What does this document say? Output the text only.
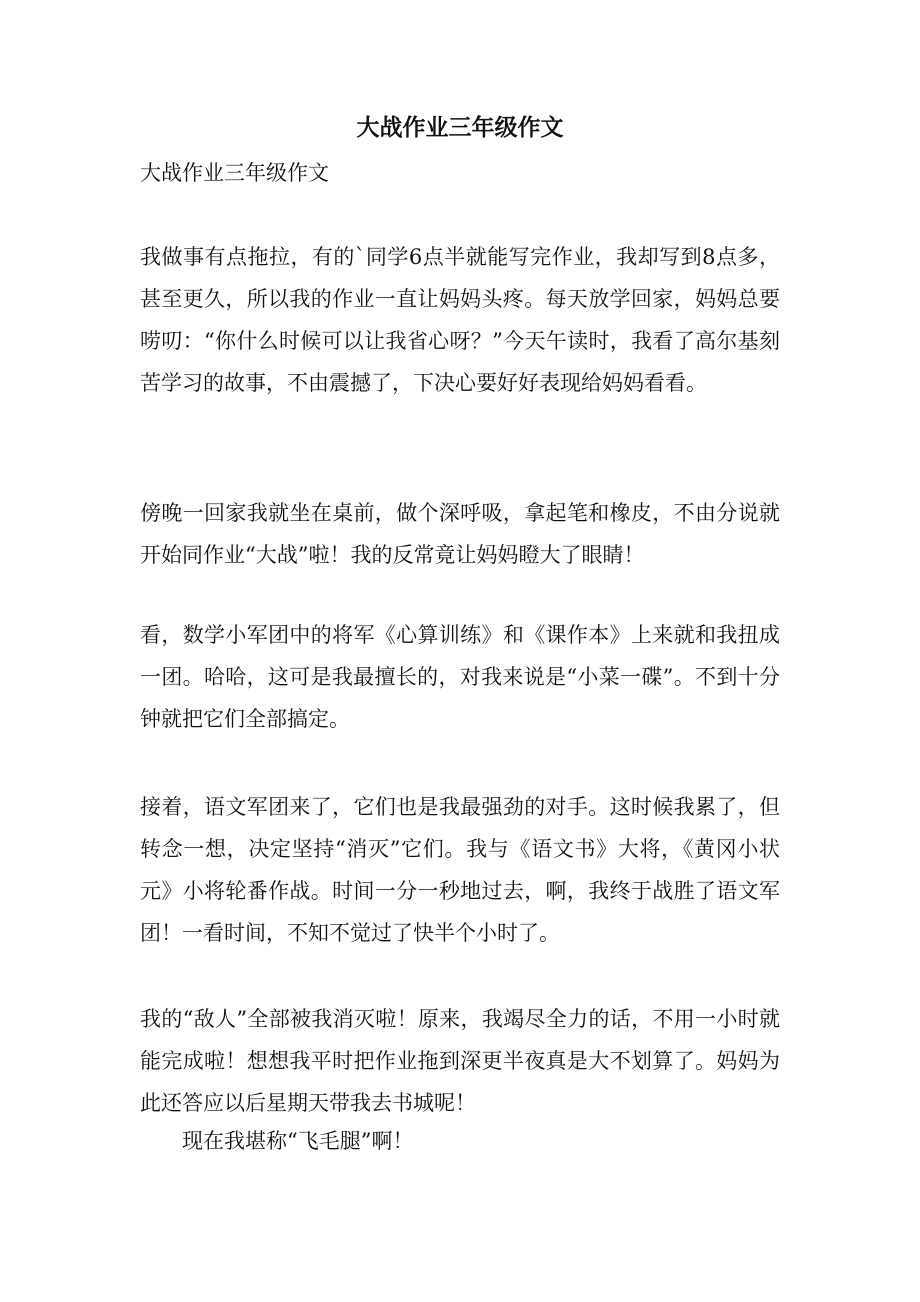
大战作业三年级作文

大战作业三年级作文

我做事有点拖拉，有的`同学6点半就能写完作业，我却写到8点多，甚至更久，所以我的作业一直让妈妈头疼。每天放学回家，妈妈总要唠叨：“你什么时候可以让我省心呀？”今天午读时，我看了高尔基刻苦学习的故事，不由震撼了，下决心要好好表现给妈妈看看。

傍晚一回家我就坐在桌前，做个深呼吸，拿起笔和橡皮，不由分说就开始同作业“大战”啦！我的反常竟让妈妈瞪大了眼睛！

看，数学小军团中的将军《心算训练》和《课作本》上来就和我扭成一团。哈哈，这可是我最擅长的，对我来说是“小菜一碟”。不到十分钟就把它们全部搞定。

接着，语文军团来了，它们也是我最强劲的对手。这时候我累了，但转念一想，决定坚持“消灭”它们。我与《语文书》大将，《黄冈小状元》小将轮番作战。时间一分一秒地过去，啊，我终于战胜了语文军团！一看时间，不知不觉过了快半个小时了。

我的“敌人”全部被我消灭啦！原来，我竭尽全力的话，不用一小时就能完成啦！想想我平时把作业拖到深更半夜真是大不划算了。妈妈为此还答应以后星期天带我去书城呢！

现在我堪称“飞毛腿”啊！
